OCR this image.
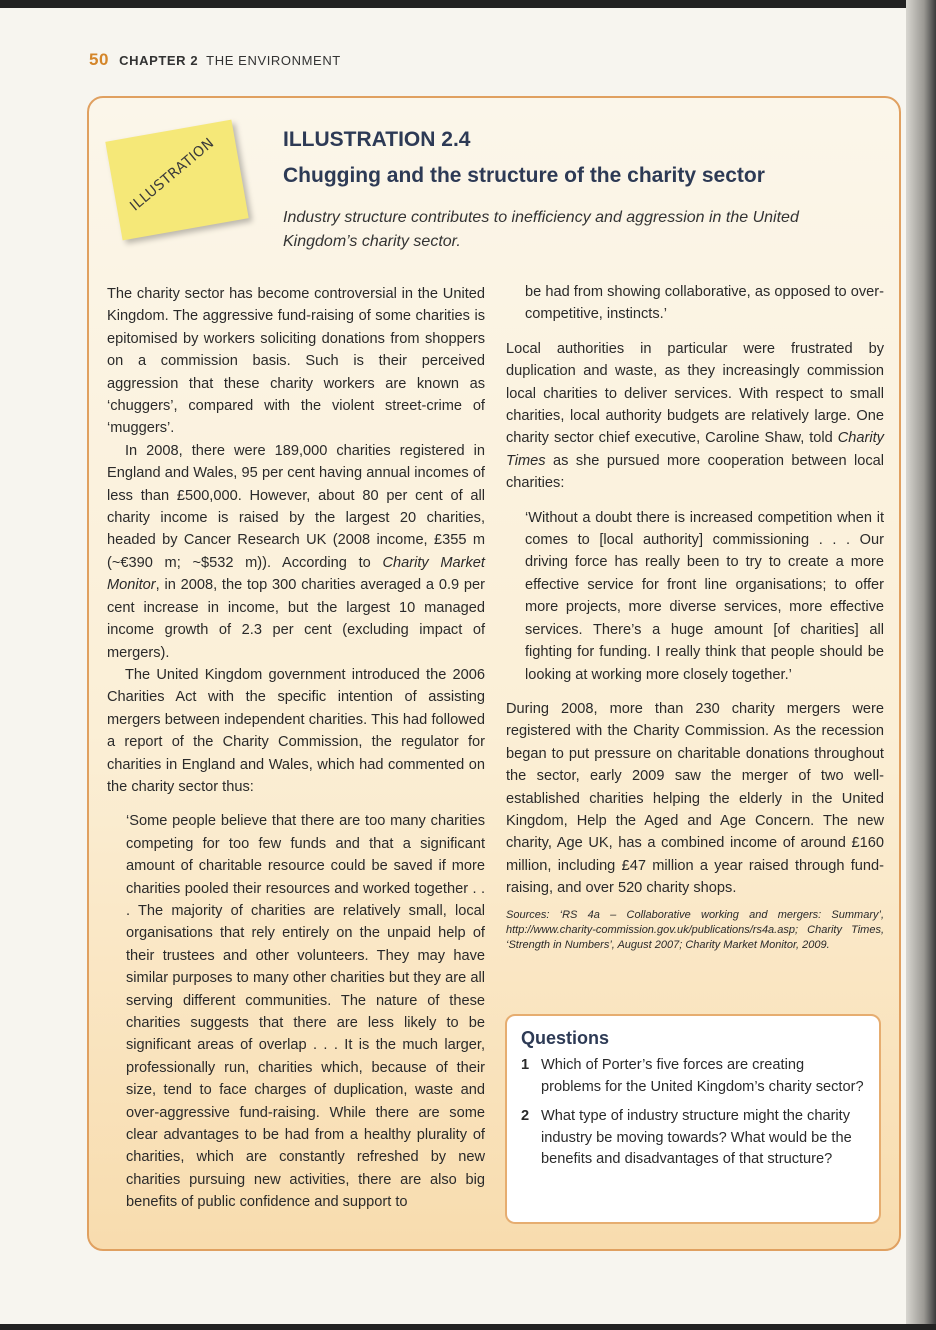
50 CHAPTER 2 THE ENVIRONMENT
ILLUSTRATION	ILLUSTRATION 2.4
Chugging and the structure of the charity sector
Industry structure contributes to inefficiency and aggression in the United Kingdom’s charity sector.

The charity sector has become controversial in the United Kingdom. The aggressive fund-raising of some charities is epitomised by workers soliciting donations from shoppers on a commission basis. Such is their perceived aggression that these charity workers are known as ‘chuggers’, compared with the violent street-crime of ‘muggers’.

In 2008, there were 189,000 charities registered in England and Wales, 95 per cent having annual incomes of less than £500,000. However, about 80 per cent of all charity income is raised by the largest 20 charities, headed by Cancer Research UK (2008 income, £355 m (~€390 m; ~$532 m)). According to Charity Market Monitor, in 2008, the top 300 charities averaged a 0.9 per cent increase in income, but the largest 10 managed income growth of 2.3 per cent (excluding impact of mergers).

The United Kingdom government introduced the 2006 Charities Act with the specific intention of assisting mergers between independent charities. This had followed a report of the Charity Commission, the regulator for charities in England and Wales, which had commented on the charity sector thus:

‘Some people believe that there are too many charities competing for too few funds and that a significant amount of charitable resource could be saved if more charities pooled their resources and worked together . . . The majority of charities are relatively small, local organisations that rely entirely on the unpaid help of their trustees and other volunteers. They may have similar purposes to many other charities but they are all serving different communities. The nature of these charities suggests that there are less likely to be significant areas of overlap . . . It is the much larger, professionally run, charities which, because of their size, tend to face charges of duplication, waste and over-aggressive fund-raising. While there are some clear advantages to be had from a healthy plurality of charities, which are constantly refreshed by new charities pursuing new activities, there are also big benefits of public confidence and support to

be had from showing collaborative, as opposed to over-competitive, instincts.’

Local authorities in particular were frustrated by duplication and waste, as they increasingly commission local charities to deliver services. With respect to small charities, local authority budgets are relatively large. One charity sector chief executive, Caroline Shaw, told Charity Times as she pursued more cooperation between local charities:

‘Without a doubt there is increased competition when it comes to [local authority] commissioning . . . Our driving force has really been to try to create a more effective service for front line organisations; to offer more projects, more diverse services, more effective services. There’s a huge amount [of charities] all fighting for funding. I really think that people should be looking at working more closely together.’

During 2008, more than 230 charity mergers were registered with the Charity Commission. As the recession began to put pressure on charitable donations throughout the sector, early 2009 saw the merger of two well-established charities helping the elderly in the United Kingdom, Help the Aged and Age Concern. The new charity, Age UK, has a combined income of around £160 million, including £47 million a year raised through fund-raising, and over 520 charity shops.

Sources: ‘RS 4a – Collaborative working and mergers: Summary’, http://www.charity-commission.gov.uk/publications/rs4a.asp; Charity Times, ‘Strength in Numbers’, August 2007; Charity Market Monitor, 2009.

Questions
1 Which of Porter’s five forces are creating problems for the United Kingdom’s charity sector?
2 What type of industry structure might the charity industry be moving towards? What would be the benefits and disadvantages of that structure?
